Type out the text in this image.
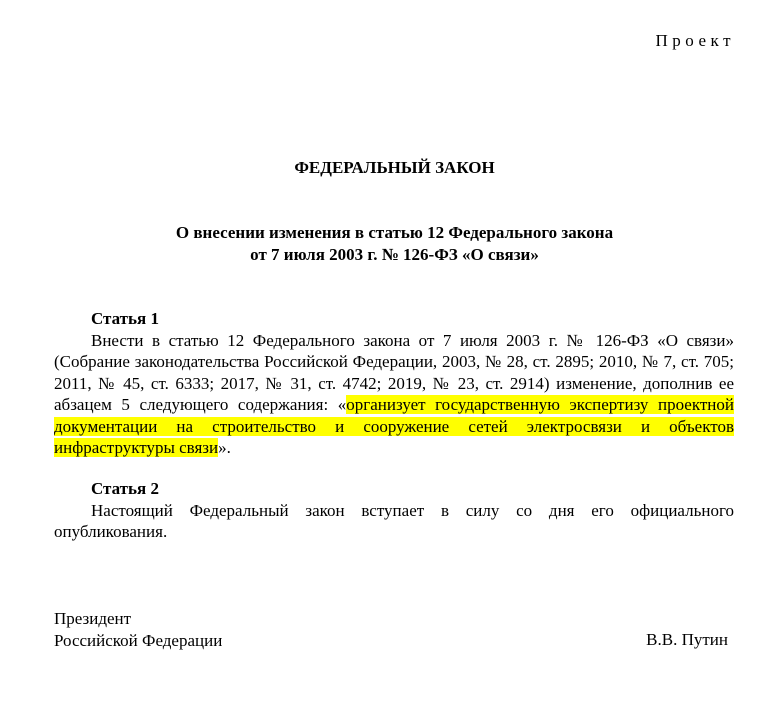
Проект
ФЕДЕРАЛЬНЫЙ ЗАКОН
О внесении изменения в статью 12 Федерального закона
от 7 июля 2003 г. № 126-ФЗ «О связи»
Статья 1
Внести в статью 12 Федерального закона от 7 июля 2003 г. № 126-ФЗ «О связи» (Собрание законодательства Российской Федерации, 2003, № 28, ст. 2895; 2010, № 7, ст. 705; 2011, № 45, ст. 6333; 2017, № 31, ст. 4742; 2019, № 23, ст. 2914) изменение, дополнив ее абзацем 5 следующего содержания: «организует государственную экспертизу проектной документации на строительство и сооружение сетей электросвязи и объектов инфраструктуры связи».
Статья 2
Настоящий Федеральный закон вступает в силу со дня его официального опубликования.
Президент
Российской Федерации	В.В. Путин
